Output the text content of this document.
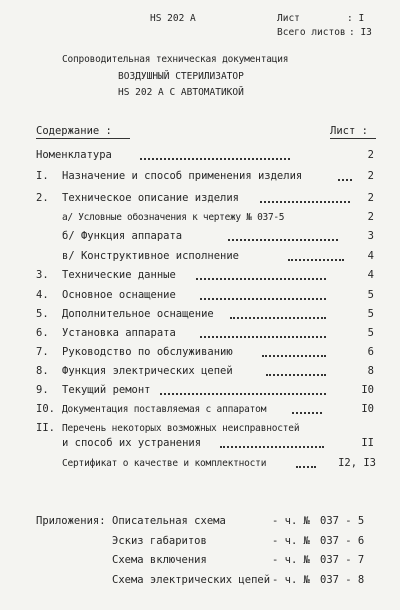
HS 202 A	Лист	: I
Всего листов : I3
Сопроводительная техническая документация
ВОЗДУШНЫЙ СТЕРИЛИЗАТОР
HS 202 A С АВТОМАТИКОЙ
Содержание :	Лист :
Номенклатура	2
I. Назначение и способ применения изделия	2
2. Техническое описание изделия	2
а/ Условные обозначения к чертежу № 037-5	2
б/ Функция аппарата	3
в/ Конструктивное исполнение	4
3. Технические данные	4
4. Основное оснащение	5
5. Дополнительное оснащение	5
6. Установка аппарата	5
7. Руководство по обслуживанию	6
8. Функция электрических цепей	8
9. Текущий ремонт	I0
I0. Документация поставляемая с аппаратом	I0
II. Перечень некоторых возможных неисправностей
и способ их устранения	II
Сертификат о качестве и комплектности	I2, I3
Приложения: Описательная схема	- ч. № 037 - 5
Эскиз габаритов	- ч. № 037 - 6
Схема включения	- ч. № 037 - 7
Схема электрических цепей - ч. № 037 - 8
